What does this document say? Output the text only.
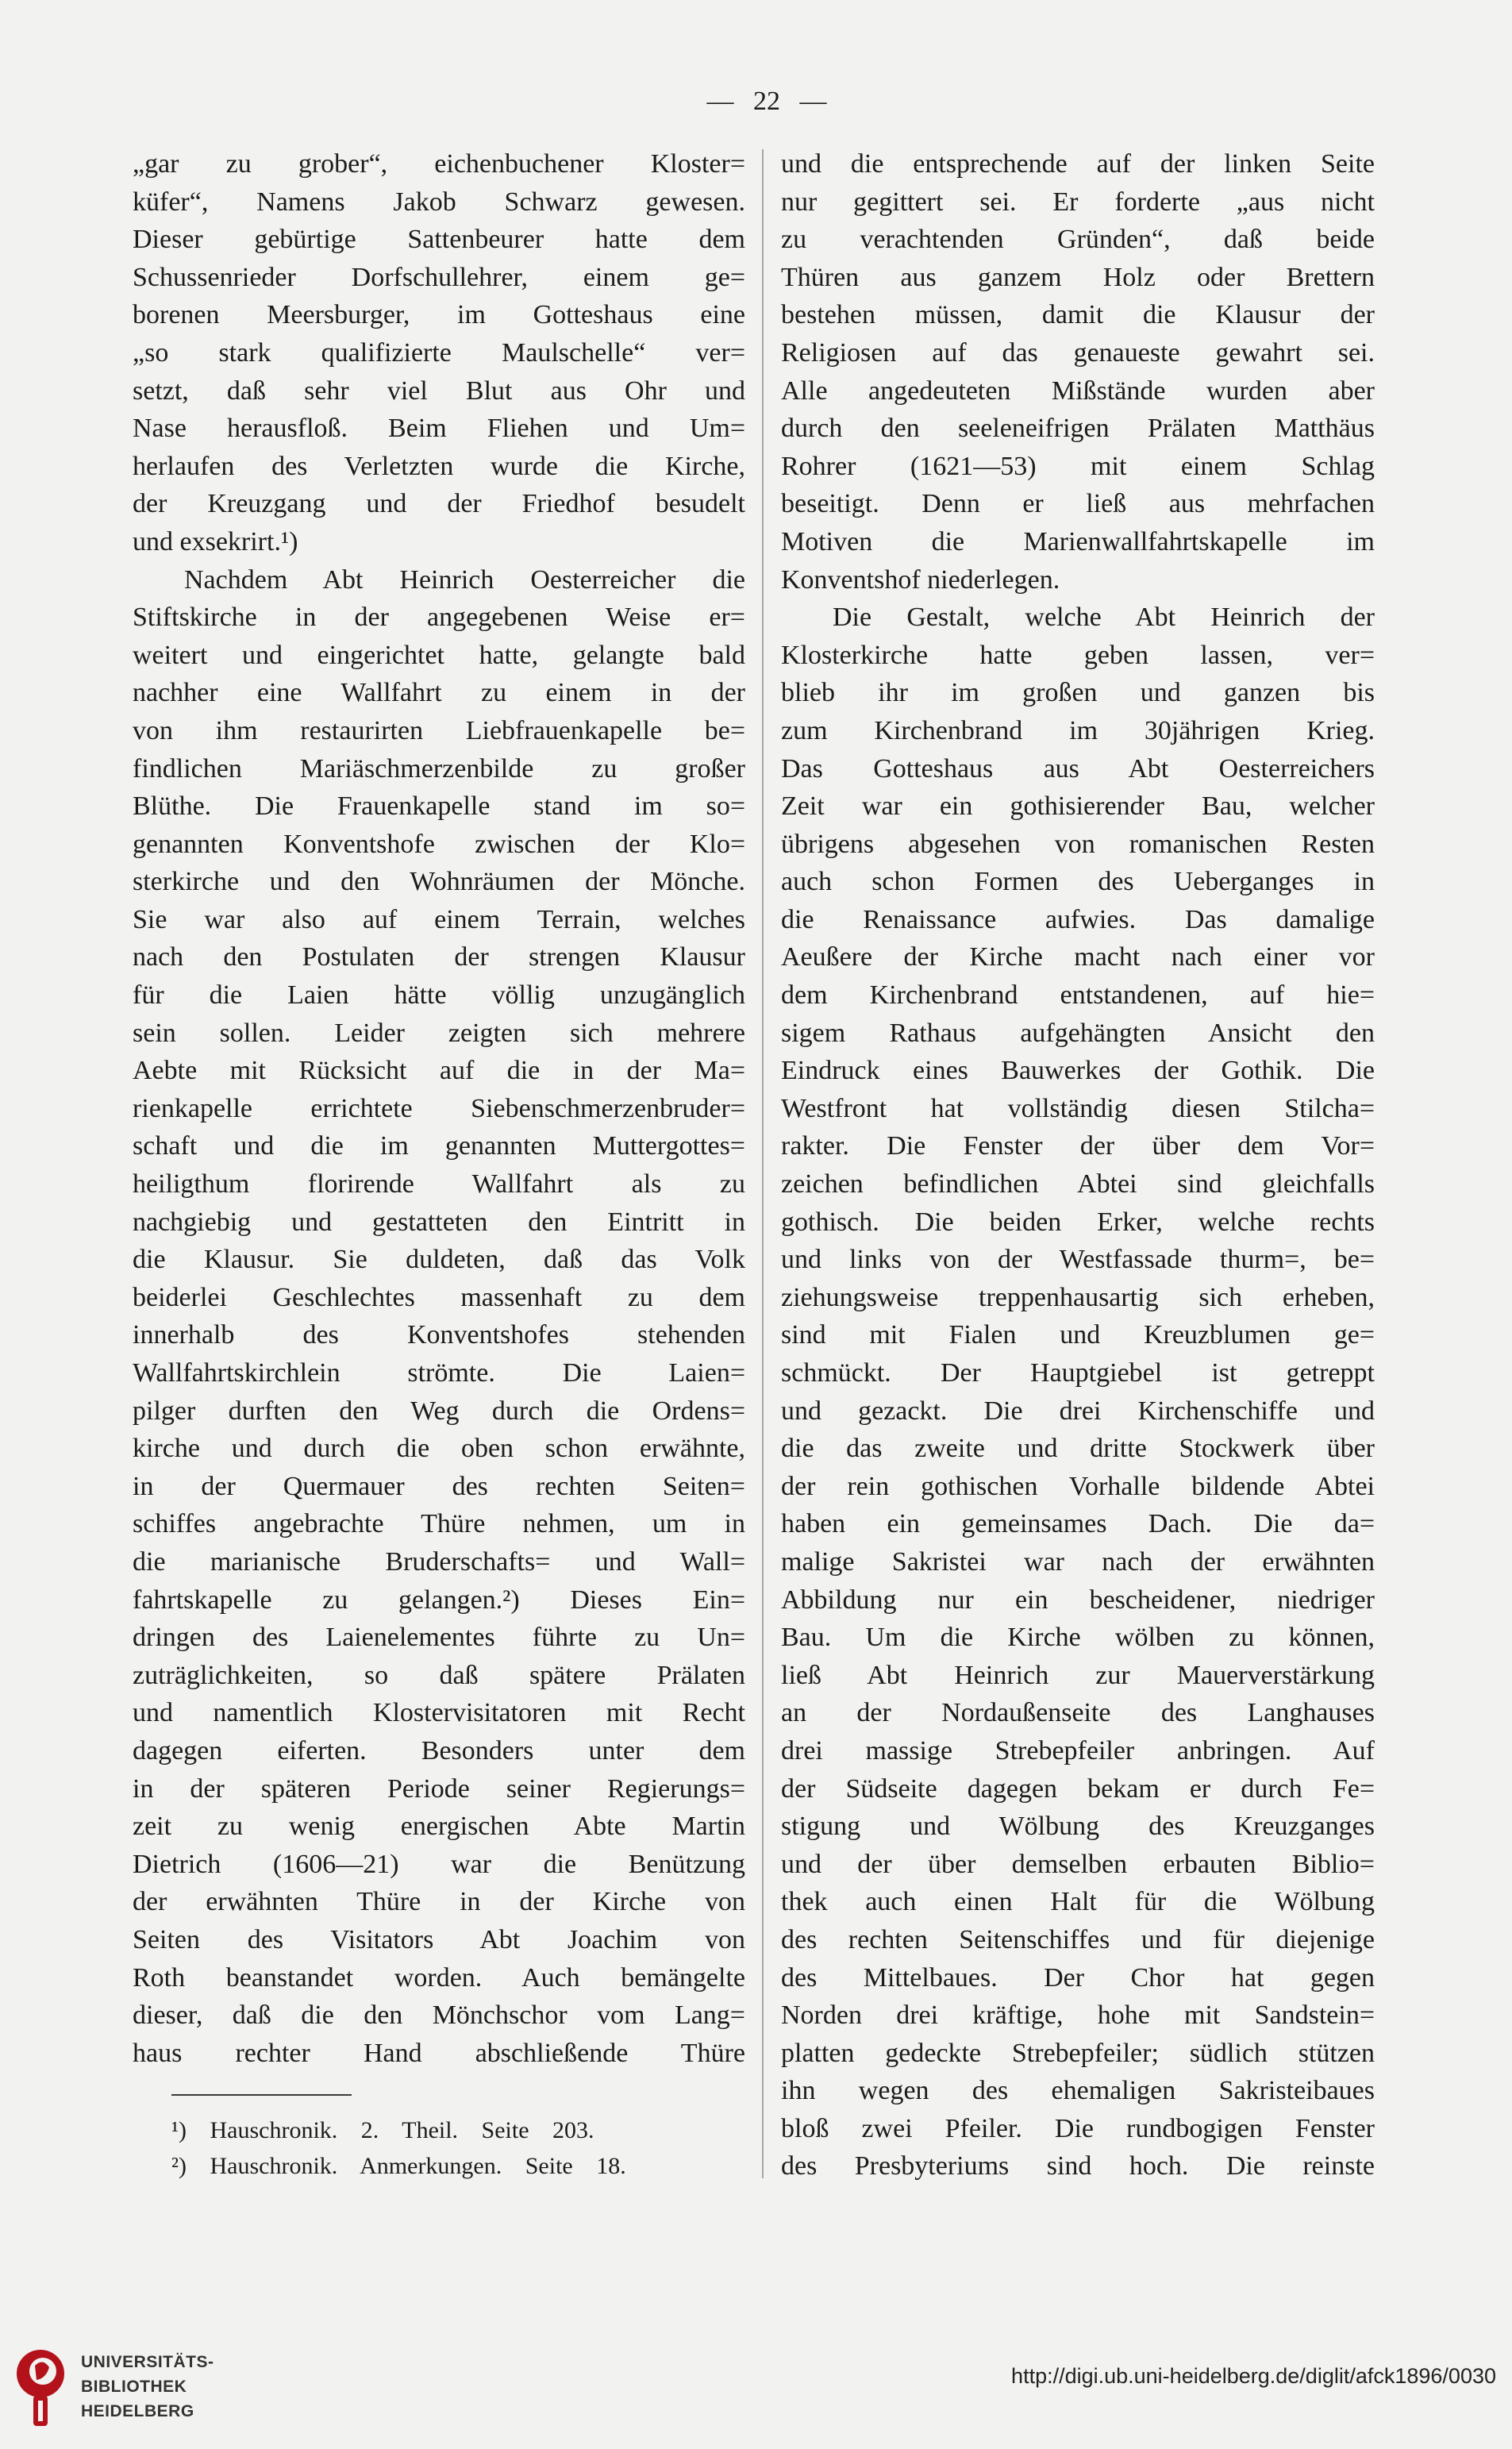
— 22 —
„gar zu grober“, eichenbuchener Kloster=
küfer“, Namens Jakob Schwarz gewesen.
Dieser gebürtige Sattenbeurer hatte dem
Schussenrieder Dorfschullehrer, einem ge=
borenen Meersburger, im Gotteshaus eine
„so stark qualifizierte Maulschelle“ ver=
setzt, daß sehr viel Blut aus Ohr und
Nase herausfloß. Beim Fliehen und Um=
herlaufen des Verletzten wurde die Kirche,
der Kreuzgang und der Friedhof besudelt
und exsekrirt.¹)
Nachdem Abt Heinrich Oesterreicher die
Stiftskirche in der angegebenen Weise er=
weitert und eingerichtet hatte, gelangte bald
nachher eine Wallfahrt zu einem in der
von ihm restaurirten Liebfrauenkapelle be=
findlichen Mariäschmerzenbilde zu großer
Blüthe. Die Frauenkapelle stand im so=
genannten Konventshofe zwischen der Klo=
sterkirche und den Wohnräumen der Mönche.
Sie war also auf einem Terrain, welches
nach den Postulaten der strengen Klausur
für die Laien hätte völlig unzugänglich
sein sollen. Leider zeigten sich mehrere
Aebte mit Rücksicht auf die in der Ma=
rienkapelle errichtete Siebenschmerzenbruder=
schaft und die im genannten Muttergottes=
heiligthum florirende Wallfahrt als zu
nachgiebig und gestatteten den Eintritt in
die Klausur. Sie duldeten, daß das Volk
beiderlei Geschlechtes massenhaft zu dem
innerhalb des Konventshofes stehenden
Wallfahrtskirchlein strömte. Die Laien=
pilger durften den Weg durch die Ordens=
kirche und durch die oben schon erwähnte,
in der Quermauer des rechten Seiten=
schiffes angebrachte Thüre nehmen, um in
die marianische Bruderschafts= und Wall=
fahrtskapelle zu gelangen.²) Dieses Ein=
dringen des Laienelementes führte zu Un=
zuträglichkeiten, so daß spätere Prälaten
und namentlich Klostervisitatoren mit Recht
dagegen eiferten. Besonders unter dem
in der späteren Periode seiner Regierungs=
zeit zu wenig energischen Abte Martin
Dietrich (1606—21) war die Benützung
der erwähnten Thüre in der Kirche von
Seiten des Visitators Abt Joachim von
Roth beanstandet worden. Auch bemängelte
dieser, daß die den Mönchschor vom Lang=
haus rechter Hand abschließende Thüre
und die entsprechende auf der linken Seite
nur gegittert sei. Er forderte „aus nicht
zu verachtenden Gründen“, daß beide
Thüren aus ganzem Holz oder Brettern
bestehen müssen, damit die Klausur der
Religiosen auf das genaueste gewahrt sei.
Alle angedeuteten Mißstände wurden aber
durch den seeleneifrigen Prälaten Matthäus
Rohrer (1621—53) mit einem Schlag
beseitigt. Denn er ließ aus mehrfachen
Motiven die Marienwallfahrtskapelle im
Konventshof niederlegen.
Die Gestalt, welche Abt Heinrich der
Klosterkirche hatte geben lassen, ver=
blieb ihr im großen und ganzen bis
zum Kirchenbrand im 30jährigen Krieg.
Das Gotteshaus aus Abt Oesterreichers
Zeit war ein gothisierender Bau, welcher
übrigens abgesehen von romanischen Resten
auch schon Formen des Ueberganges in
die Renaissance aufwies. Das damalige
Aeußere der Kirche macht nach einer vor
dem Kirchenbrand entstandenen, auf hie=
sigem Rathaus aufgehängten Ansicht den
Eindruck eines Bauwerkes der Gothik. Die
Westfront hat vollständig diesen Stilcha=
rakter. Die Fenster der über dem Vor=
zeichen befindlichen Abtei sind gleichfalls
gothisch. Die beiden Erker, welche rechts
und links von der Westfassade thurm=, be=
ziehungsweise treppenhausartig sich erheben,
sind mit Fialen und Kreuzblumen ge=
schmückt. Der Hauptgiebel ist getreppt
und gezackt. Die drei Kirchenschiffe und
die das zweite und dritte Stockwerk über
der rein gothischen Vorhalle bildende Abtei
haben ein gemeinsames Dach. Die da=
malige Sakristei war nach der erwähnten
Abbildung nur ein bescheidener, niedriger
Bau. Um die Kirche wölben zu können,
ließ Abt Heinrich zur Mauerverstärkung
an der Nordaußenseite des Langhauses
drei massige Strebepfeiler anbringen. Auf
der Südseite dagegen bekam er durch Fe=
stigung und Wölbung des Kreuzganges
und der über demselben erbauten Biblio=
thek auch einen Halt für die Wölbung
des rechten Seitenschiffes und für diejenige
des Mittelbaues. Der Chor hat gegen
Norden drei kräftige, hohe mit Sandstein=
platten gedeckte Strebepfeiler; südlich stützen
ihn wegen des ehemaligen Sakristeibaues
bloß zwei Pfeiler. Die rundbogigen Fenster
des Presbyteriums sind hoch. Die reinste
¹) Hauschronik. 2. Theil. Seite 203.
²) Hauschronik. Anmerkungen. Seite 18.
UNIVERSITÄTS-
BIBLIOTHEK
HEIDELBERG
http://digi.ub.uni-heidelberg.de/diglit/afck1896/0030
